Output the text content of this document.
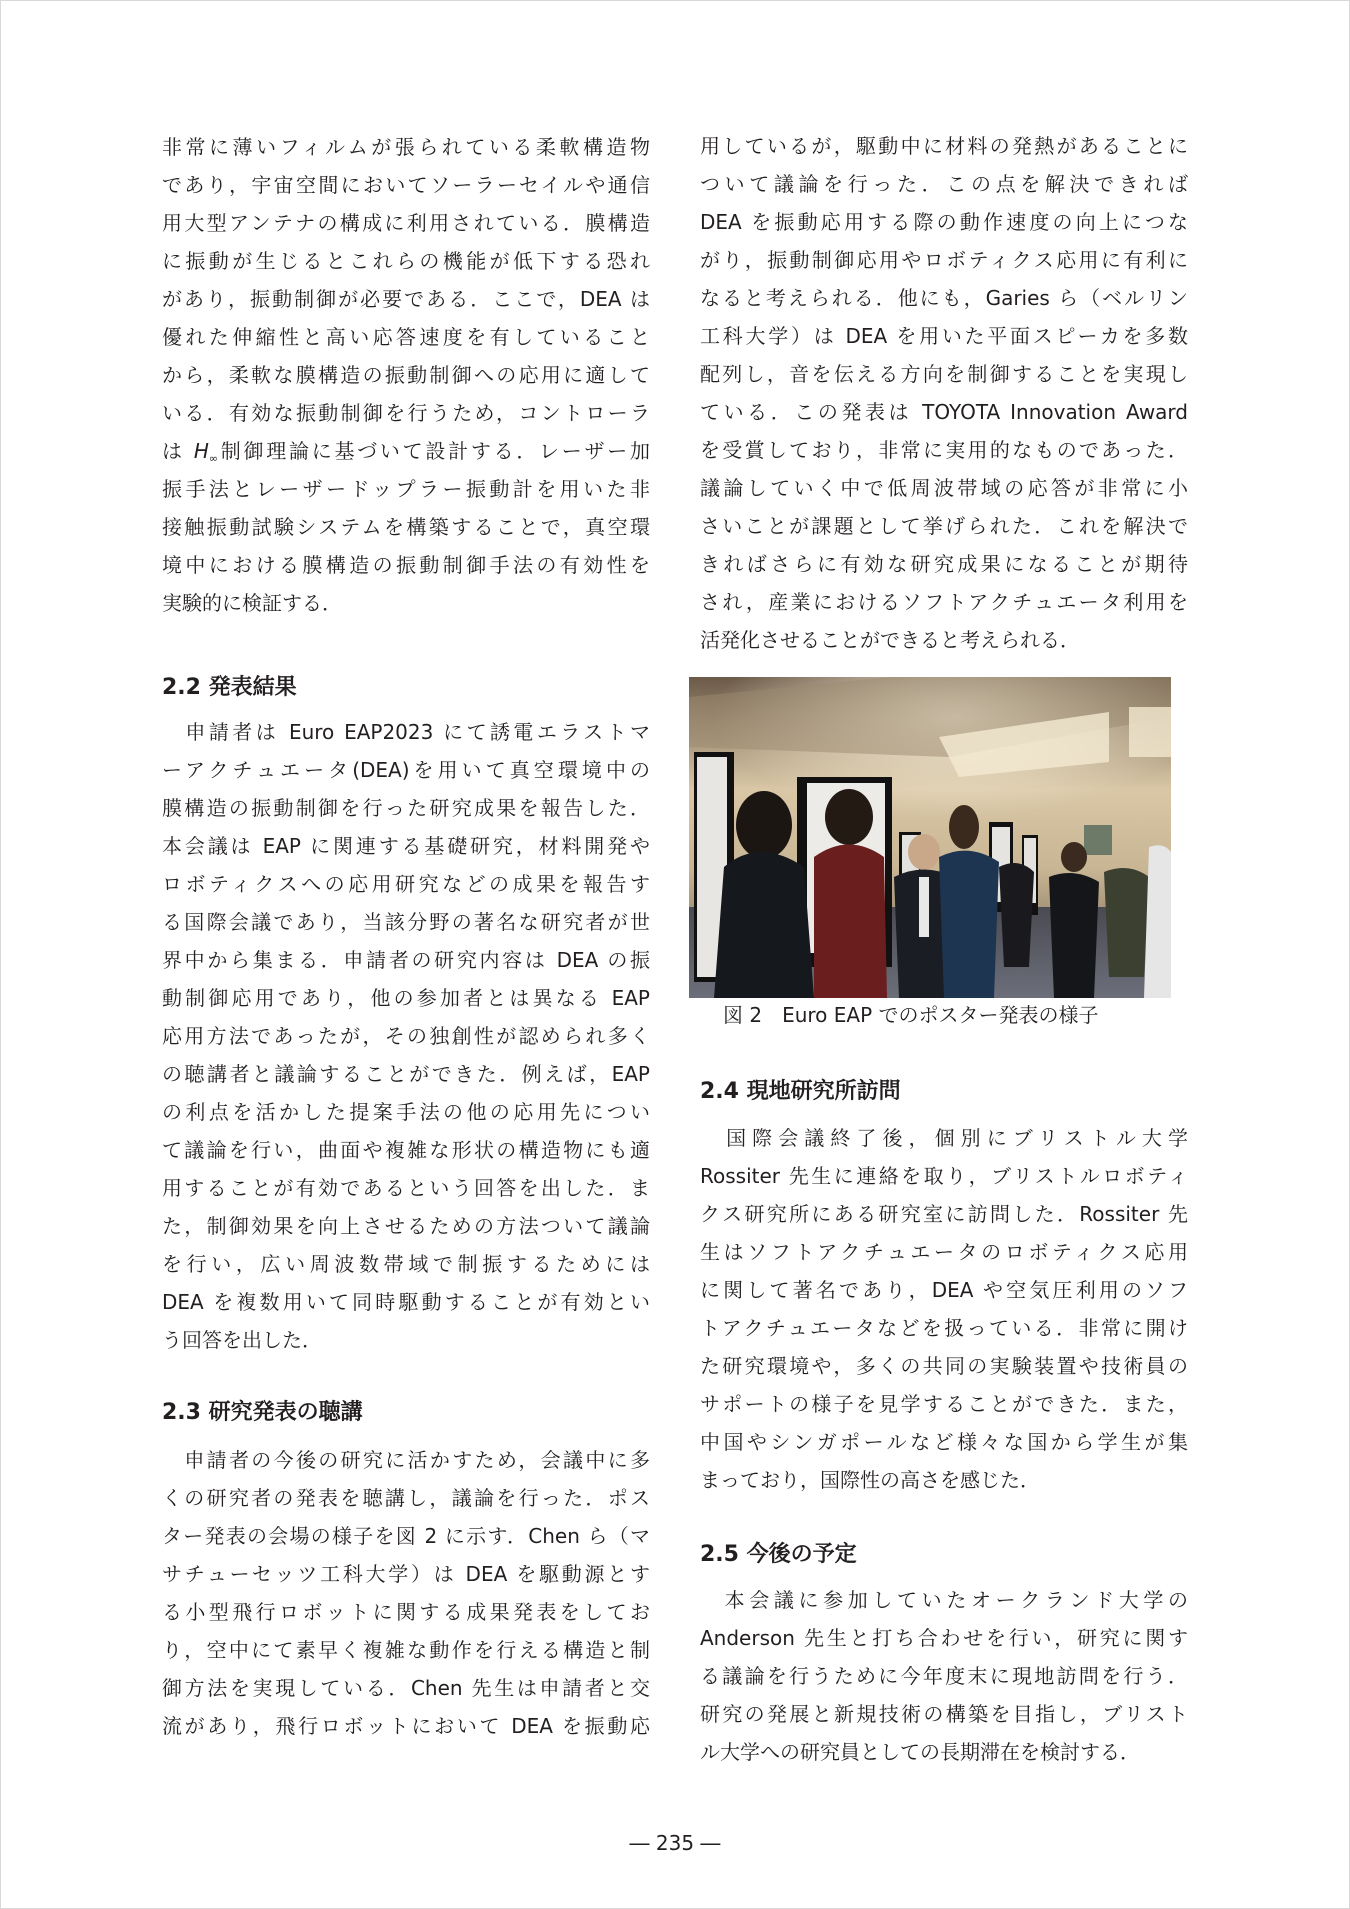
非常に薄いフィルムが張られている柔軟構造物
であり，宇宙空間においてソーラーセイルや通信
用大型アンテナの構成に利用されている．膜構造
に振動が生じるとこれらの機能が低下する恐れ
があり，振動制御が必要である．ここで，DEA は
優れた伸縮性と高い応答速度を有していること
から，柔軟な膜構造の振動制御への応用に適して
いる．有効な振動制御を行うため，コントローラ
は $H_\infty$制御理論に基づいて設計する．レーザー加
振手法とレーザードップラー振動計を用いた非
接触振動試験システムを構築することで，真空環
境中における膜構造の振動制御手法の有効性を
実験的に検証する．
2.2 発表結果
　申請者は Euro EAP2023 にて誘電エラストマ
ーアクチュエータ(DEA)を用いて真空環境中の
膜構造の振動制御を行った研究成果を報告した．
本会議は EAP に関連する基礎研究，材料開発や
ロボティクスへの応用研究などの成果を報告す
る国際会議であり，当該分野の著名な研究者が世
界中から集まる．申請者の研究内容は DEA の振
動制御応用であり，他の参加者とは異なる EAP
応用方法であったが，その独創性が認められ多く
の聴講者と議論することができた．例えば，EAP
の利点を活かした提案手法の他の応用先につい
て議論を行い，曲面や複雑な形状の構造物にも適
用することが有効であるという回答を出した．ま
た，制御効果を向上させるための方法ついて議論
を行い，広い周波数帯域で制振するためには
DEA を複数用いて同時駆動することが有効とい
う回答を出した．
2.3 研究発表の聴講
　申請者の今後の研究に活かすため，会議中に多
くの研究者の発表を聴講し，議論を行った．ポス
ター発表の会場の様子を図 2 に示す．Chen ら（マ
サチューセッツ工科大学）は DEA を駆動源とす
る小型飛行ロボットに関する成果発表をしてお
り，空中にて素早く複雑な動作を行える構造と制
御方法を実現している．Chen 先生は申請者と交
流があり，飛行ロボットにおいて DEA を振動応
用しているが，駆動中に材料の発熱があることに
ついて議論を行った．この点を解決できれば
DEA を振動応用する際の動作速度の向上につな
がり，振動制御応用やロボティクス応用に有利に
なると考えられる．他にも，Garies ら（ベルリン
工科大学）は DEA を用いた平面スピーカを多数
配列し，音を伝える方向を制御することを実現し
ている．この発表は TOYOTA Innovation Award
を受賞しており，非常に実用的なものであった．
議論していく中で低周波帯域の応答が非常に小
さいことが課題として挙げられた．これを解決で
きればさらに有効な研究成果になることが期待
され，産業におけるソフトアクチュエータ利用を
活発化させることができると考えられる．
図 2　Euro EAP でのポスター発表の様子
2.4 現地研究所訪問
　国際会議終了後，個別にブリストル大学
Rossiter 先生に連絡を取り，ブリストルロボティ
クス研究所にある研究室に訪問した．Rossiter 先
生はソフトアクチュエータのロボティクス応用
に関して著名であり，DEA や空気圧利用のソフ
トアクチュエータなどを扱っている．非常に開け
た研究環境や，多くの共同の実験装置や技術員の
サポートの様子を見学することができた．また，
中国やシンガポールなど様々な国から学生が集
まっており，国際性の高さを感じた．
2.5 今後の予定
　本会議に参加していたオークランド大学の
Anderson 先生と打ち合わせを行い，研究に関す
る議論を行うために今年度末に現地訪問を行う．
研究の発展と新規技術の構築を目指し，ブリスト
ル大学への研究員としての長期滞在を検討する．
― 235 ―
